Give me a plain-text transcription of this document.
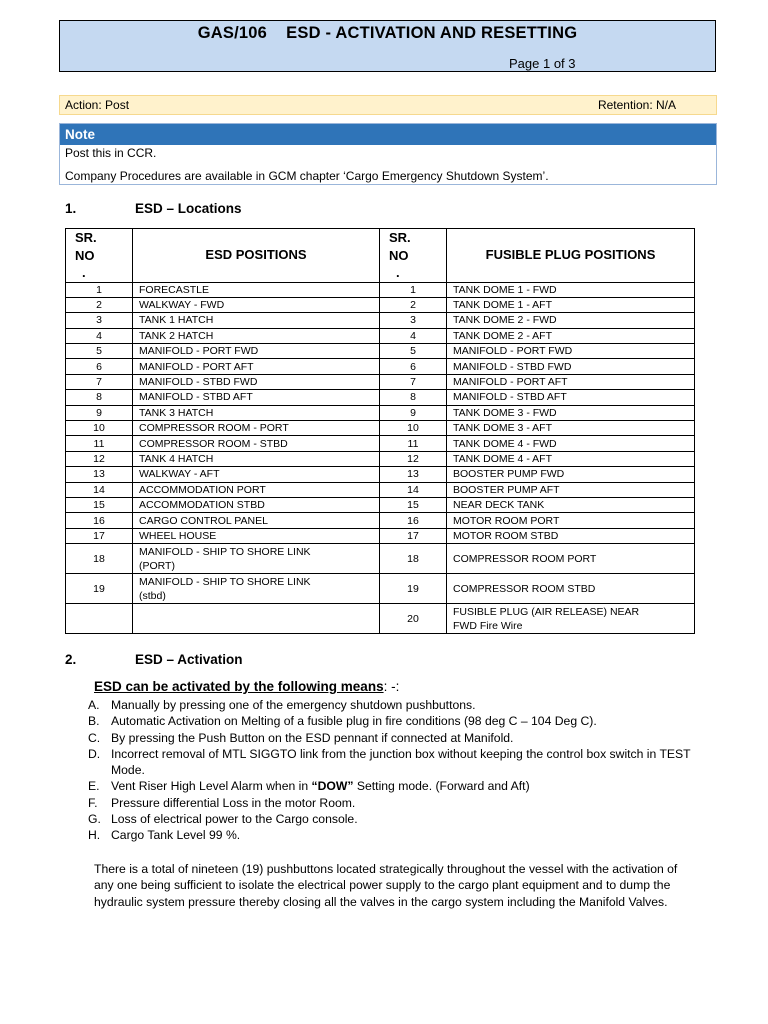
GAS/106    ESD - ACTIVATION AND RESETTING
Page 1 of 3
Action: Post	Retention: N/A
Note
Post this in CCR.
Company Procedures are available in GCM chapter ‘Cargo Emergency Shutdown System’.
1.	ESD – Locations
SR.
NO
.	ESD POSITIONS	SR.
NO
.	FUSIBLE PLUG POSITIONS
1	FORECASTLE	1	TANK DOME 1 - FWD
2	WALKWAY - FWD	2	TANK DOME 1 - AFT
3	TANK 1 HATCH	3	TANK DOME 2 - FWD
4	TANK 2 HATCH	4	TANK DOME 2 - AFT
5	MANIFOLD - PORT FWD	5	MANIFOLD - PORT FWD
6	MANIFOLD - PORT AFT	6	MANIFOLD - STBD FWD
7	MANIFOLD - STBD FWD	7	MANIFOLD - PORT AFT
8	MANIFOLD - STBD AFT	8	MANIFOLD - STBD AFT
9	TANK 3 HATCH	9	TANK DOME 3 - FWD
10	COMPRESSOR ROOM - PORT	10	TANK DOME 3 - AFT
11	COMPRESSOR ROOM - STBD	11	TANK DOME 4 - FWD
12	TANK 4 HATCH	12	TANK DOME 4 - AFT
13	WALKWAY - AFT	13	BOOSTER PUMP FWD
14	ACCOMMODATION PORT	14	BOOSTER PUMP AFT
15	ACCOMMODATION STBD	15	NEAR DECK TANK
16	CARGO CONTROL PANEL	16	MOTOR ROOM PORT
17	WHEEL HOUSE	17	MOTOR ROOM STBD
18	MANIFOLD - SHIP TO SHORE LINK
(PORT)	18	COMPRESSOR ROOM PORT

19	MANIFOLD - SHIP TO SHORE LINK
(stbd)	19	COMPRESSOR ROOM STBD

		20	FUSIBLE PLUG (AIR RELEASE) NEAR
FWD Fire Wire
2.	ESD – Activation
ESD can be activated by the following means: -:
A. Manually by pressing one of the emergency shutdown pushbuttons.
B. Automatic Activation on Melting of a fusible plug in fire conditions (98 deg C – 104 Deg C).
C. By pressing the Push Button on the ESD pennant if connected at Manifold.
D. Incorrect removal of MTL SIGGTO link from the junction box without keeping the control box switch in TEST Mode.
E. Vent Riser High Level Alarm when in “DOW” Setting mode. (Forward and Aft)
F. Pressure differential Loss in the motor Room.
G. Loss of electrical power to the Cargo console.
H. Cargo Tank Level 99 %.
There is a total of nineteen (19) pushbuttons located strategically throughout the vessel with the activation of any one being sufficient to isolate the electrical power supply to the cargo plant equipment and to dump the hydraulic system pressure thereby closing all the valves in the cargo system including the Manifold Valves.
